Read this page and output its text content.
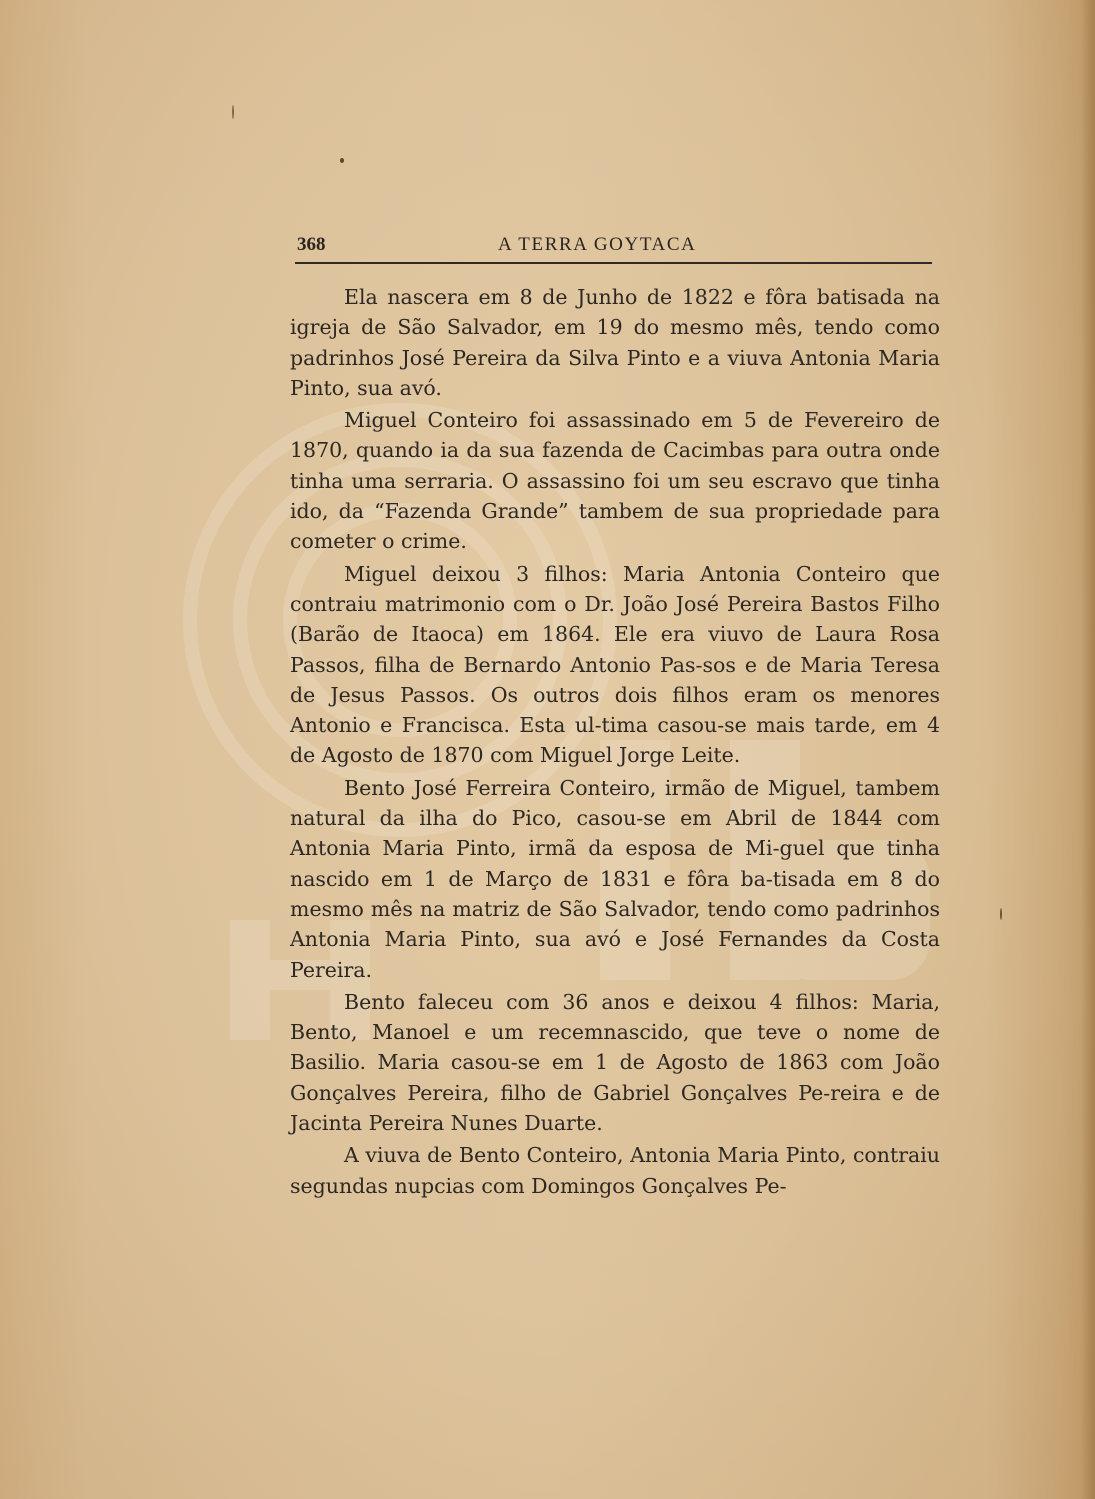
368	A TERRA GOYTACA

Ela nascera em 8 de Junho de 1822 e fôra batisada na igreja de São Salvador, em 19 do mesmo mês, tendo como padrinhos José Pereira da Silva Pinto e a viuva Antonia Maria Pinto, sua avó.

Miguel Conteiro foi assassinado em 5 de Fevereiro de 1870, quando ia da sua fazenda de Cacimbas para outra onde tinha uma serraria. O assassino foi um seu escravo que tinha ido, da “Fazenda Grande” tambem de sua propriedade para cometer o crime.

Miguel deixou 3 filhos: Maria Antonia Conteiro que contraiu matrimonio com o Dr. João José Pereira Bastos Filho (Barão de Itaoca) em 1864. Ele era viuvo de Laura Rosa Passos, filha de Bernardo Antonio Pas-sos e de Maria Teresa de Jesus Passos. Os outros dois filhos eram os menores Antonio e Francisca. Esta ul-tima casou-se mais tarde, em 4 de Agosto de 1870 com Miguel Jorge Leite.

Bento José Ferreira Conteiro, irmão de Miguel, tambem natural da ilha do Pico, casou-se em Abril de 1844 com Antonia Maria Pinto, irmã da esposa de Mi-guel que tinha nascido em 1 de Março de 1831 e fôra ba-tisada em 8 do mesmo mês na matriz de São Salvador, tendo como padrinhos Antonia Maria Pinto, sua avó e José Fernandes da Costa Pereira.

Bento faleceu com 36 anos e deixou 4 filhos: Maria, Bento, Manoel e um recemnascido, que teve o nome de Basilio. Maria casou-se em 1 de Agosto de 1863 com João Gonçalves Pereira, filho de Gabriel Gonçalves Pe-reira e de Jacinta Pereira Nunes Duarte.

A viuva de Bento Conteiro, Antonia Maria Pinto, contraiu segundas nupcias com Domingos Gonçalves Pe-
